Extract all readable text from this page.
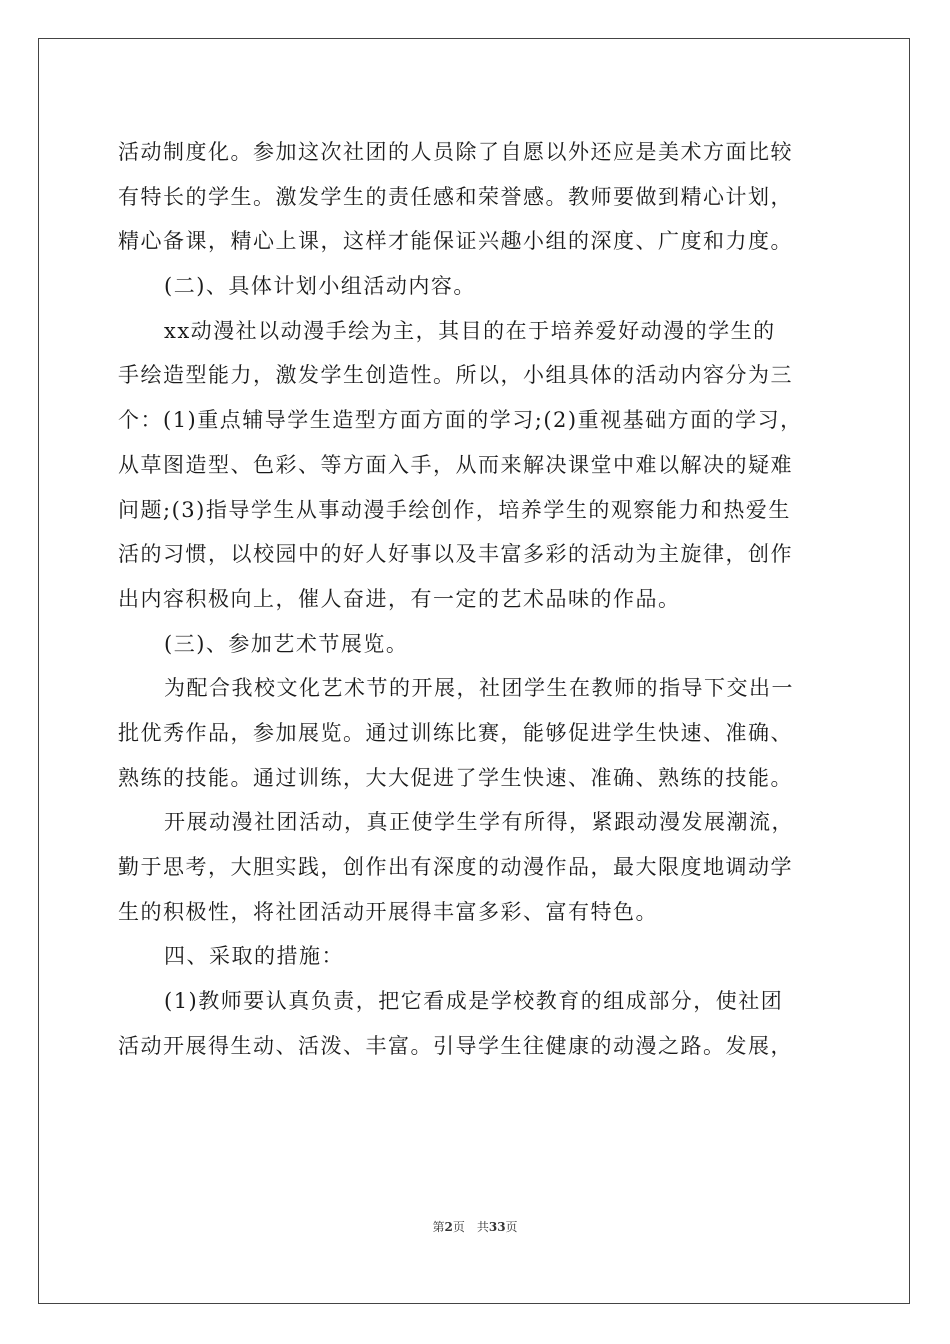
活动制度化。参加这次社团的人员除了自愿以外还应是美术方面比较
有特长的学生。激发学生的责任感和荣誉感。教师要做到精心计划，
精心备课，精心上课，这样才能保证兴趣小组的深度、广度和力度。
(二)、具体计划小组活动内容。
xx动漫社以动漫手绘为主，其目的在于培养爱好动漫的学生的
手绘造型能力，激发学生创造性。所以，小组具体的活动内容分为三
个：(1)重点辅导学生造型方面方面的学习;(2)重视基础方面的学习，
从草图造型、色彩、等方面入手，从而来解决课堂中难以解决的疑难
问题;(3)指导学生从事动漫手绘创作，培养学生的观察能力和热爱生
活的习惯，以校园中的好人好事以及丰富多彩的活动为主旋律，创作
出内容积极向上，催人奋进，有一定的艺术品味的作品。
(三)、参加艺术节展览。
为配合我校文化艺术节的开展，社团学生在教师的指导下交出一
批优秀作品，参加展览。通过训练比赛，能够促进学生快速、准确、
熟练的技能。通过训练，大大促进了学生快速、准确、熟练的技能。
开展动漫社团活动，真正使学生学有所得，紧跟动漫发展潮流，
勤于思考，大胆实践，创作出有深度的动漫作品，最大限度地调动学
生的积极性，将社团活动开展得丰富多彩、富有特色。
四、采取的措施：
(1)教师要认真负责，把它看成是学校教育的组成部分，使社团
活动开展得生动、活泼、丰富。引导学生往健康的动漫之路。发展，
第2页 共33页
